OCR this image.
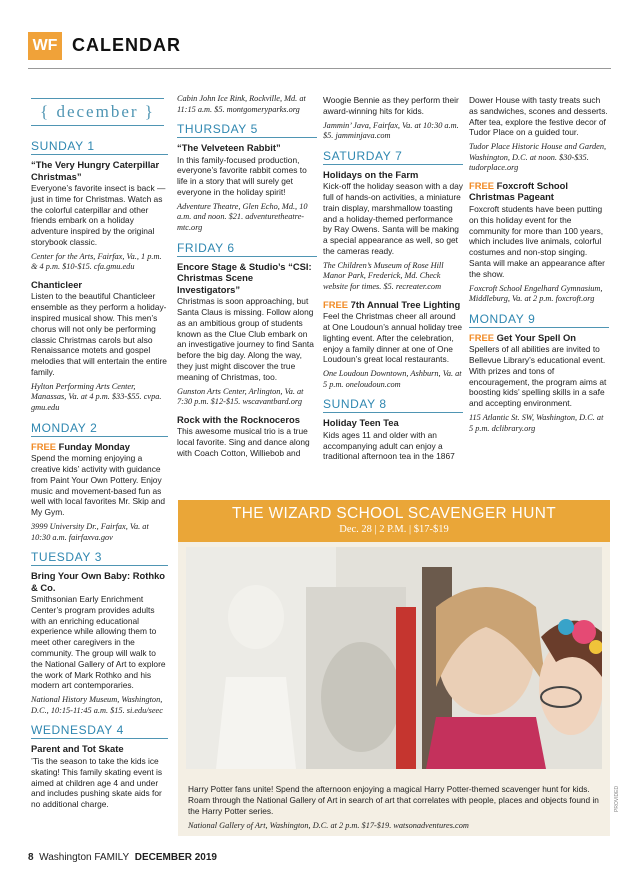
WF CALENDAR
{ december }
SUNDAY 1
“The Very Hungry Caterpillar Christmas”
Everyone’s favorite insect is back — just in time for Christmas. Watch as the colorful caterpillar and other friends embark on a holiday adventure inspired by the original storybook classic.
Center for the Arts, Fairfax, Va., 1 p.m. & 4 p.m. $10-$15. cfa.gmu.edu
Chanticleer
Listen to the beautiful Chanticleer ensemble as they perform a holiday-inspired musical show. This men’s chorus will not only be performing classic Christmas carols but also Renaissance motets and gospel melodies that will entertain the entire family.
Hylton Performing Arts Center, Manassas, Va. at 4 p.m. $33-$55. cvpa. gmu.edu
MONDAY 2
FREE Funday Monday
Spend the morning enjoying a creative kids’ activity with guidance from Paint Your Own Pottery. Enjoy music and movement-based fun as well with local favorites Mr. Skip and My Gym.
3999 University Dr., Fairfax, Va. at 10:30 a.m. fairfaxva.gov
TUESDAY 3
Bring Your Own Baby: Rothko & Co.
Smithsonian Early Enrichment Center’s program provides adults with an enriching educational experience while allowing them to meet other caregivers in the community. The group will walk to the National Gallery of Art to explore the work of Mark Rothko and his modern art contemporaries.
National History Museum, Washington, D.C., 10:15-11:45 a.m. $15. si.edu/seec
WEDNESDAY 4
Parent and Tot Skate
’Tis the season to take the kids ice skating! This family skating event is aimed at children age 4 and under and includes pushing skate aids for no additional charge.
Cabin John Ice Rink, Rockville, Md. at 11:15 a.m. $5. montgomeryparks.org
THURSDAY 5
“The Velveteen Rabbit”
In this family-focused production, everyone’s favorite rabbit comes to life in a story that will surely get everyone in the holiday spirit!
Adventure Theatre, Glen Echo, Md., 10 a.m. and noon. $21. adventuretheatre-mtc.org
FRIDAY 6
Encore Stage & Studio’s “CSI: Christmas Scene Investigators”
Christmas is soon approaching, but Santa Claus is missing. Follow along as an ambitious group of students known as the Clue Club embark on an investigative journey to find Santa before the big day. Along the way, they just might discover the true meaning of Christmas, too.
Gunston Arts Center, Arlington, Va. at 7:30 p.m. $12-$15. wscavantbard.org
Rock with the Rocknoceros
This awesome musical trio is a true local favorite. Sing and dance along with Coach Cotton, Williebob and
Woogie Bennie as they perform their award-winning hits for kids.
Jammin’ Java, Fairfax, Va. at 10:30 a.m. $5. jamminjava.com
SATURDAY 7
Holidays on the Farm
Kick-off the holiday season with a day full of hands-on activities, a miniature train display, marshmallow toasting and a holiday-themed performance by Ray Owens. Santa will be making a special appearance as well, so get the cameras ready.
The Children’s Museum of Rose Hill Manor Park, Frederick, Md. Check website for times. $5. recreater.com
FREE 7th Annual Tree Lighting
Feel the Christmas cheer all around at One Loudoun’s annual holiday tree lighting event. After the celebration, enjoy a family dinner at one of One Loudoun’s great local restaurants.
One Loudoun Downtown, Ashburn, Va. at 5 p.m. oneloudoun.com
SUNDAY 8
Holiday Teen Tea
Kids ages 11 and older with an accompanying adult can enjoy a traditional afternoon tea in the 1867
Dower House with tasty treats such as sandwiches, scones and desserts. After tea, explore the festive decor of Tudor Place on a guided tour.
Tudor Place Historic House and Garden, Washington, D.C. at noon. $30-$35. tudorplace.org
FREE Foxcroft School Christmas Pageant
Foxcroft students have been putting on this holiday event for the community for more than 100 years, which includes live animals, colorful costumes and non-stop singing. Santa will make an appearance after the show.
Foxcroft School Engelhard Gymnasium, Middleburg, Va. at 2 p.m. foxcroft.org
MONDAY 9
FREE Get Your Spell On
Spellers of all abilities are invited to Bellevue Library’s educational event. With prizes and tons of encouragement, the program aims at boosting kids’ spelling skills in a safe and accepting environment.
115 Atlantic St. SW, Washington, D.C. at 5 p.m. dclibrary.org
THE WIZARD SCHOOL SCAVENGER HUNT
Dec. 28 | 2 P.M. | $17-$19
Harry Potter fans unite! Spend the afternoon enjoying a magical Harry Potter-themed scavenger hunt for kids. Roam through the National Gallery of Art in search of art that correlates with people, places and objects found in the Harry Potter series.
National Gallery of Art, Washington, D.C. at 2 p.m. $17-$19. watsonadventures.com
PROVIDED
8 Washington FAMILY DECEMBER 2019
